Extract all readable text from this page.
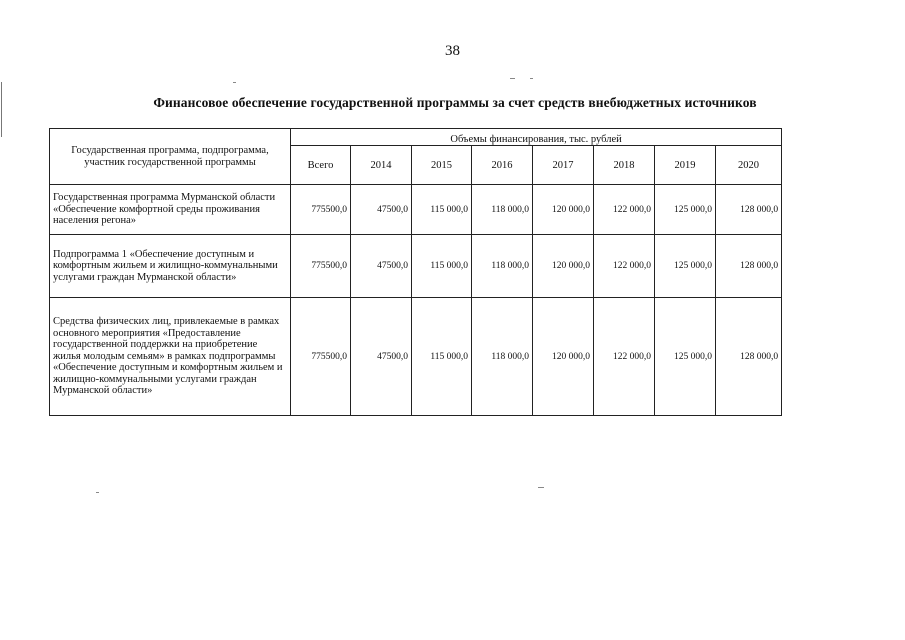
38
Финансовое обеспечение государственной программы за счет средств внебюджетных источников
Государственная программа, подпрограмма, участник государственной программы	Объемы финансирования, тыс. рублей							
	Всего	2014	2015	2016	2017	2018	2019	2020
Государственная программа Мурманской области «Обеспечение комфортной среды проживания населения регона»	775500,0	47500,0	115 000,0	118 000,0	120 000,0	122 000,0	125 000,0	128 000,0
Подпрограмма 1 «Обеспечение доступным и комфортным жильем и жилищно-коммунальными услугами граждан Мурманской области»	775500,0	47500,0	115 000,0	118 000,0	120 000,0	122 000,0	125 000,0	128 000,0
Средства физических лиц, привлекаемые в рамках основного мероприятия «Предоставление государственной поддержки на приобретение жилья молодым семьям» в рамках подпрограммы «Обеспечение доступным и комфортным жильем и жилищно-коммунальными услугами граждан Мурманской области»	775500,0	47500,0	115 000,0	118 000,0	120 000,0	122 000,0	125 000,0	128 000,0
